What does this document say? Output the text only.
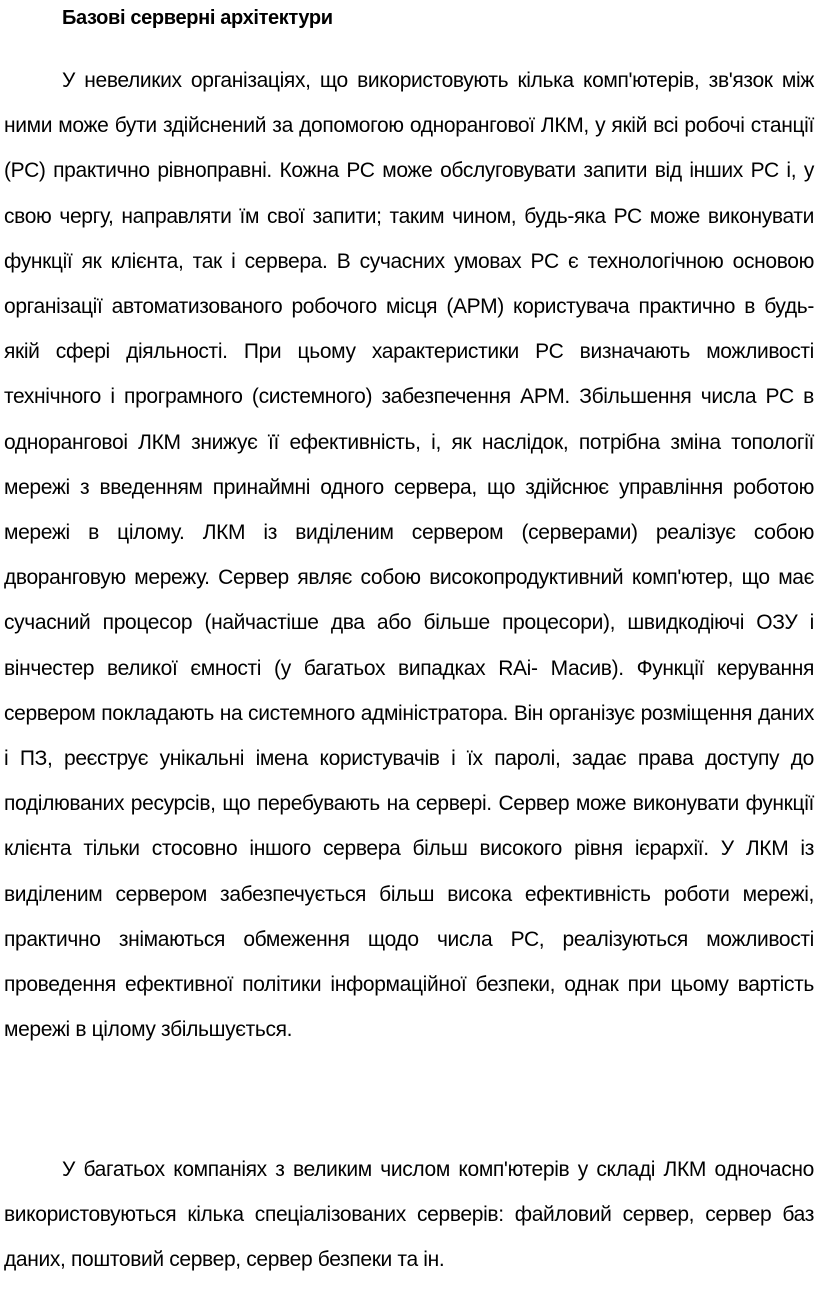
Базові серверні архітектури

У невеликих організаціях, що використовують кілька комп'ютерів, зв'язок між ними може бути здійснений за допомогою однорангової ЛКМ, у якій всі робочі станції (РС) практично рівноправні. Кожна РС може обслуговувати запити від інших РС і, у свою чергу, направляти їм свої запити; таким чином, будь-яка РС може виконувати функції як клієнта, так і сервера. В сучасних умовах РС є технологічною основою організації автоматизованого робочого місця (АРМ) користувача практично в будь-якій сфері діяльності. При цьому характеристики РС визначають можливості технічного і програмного (системного) забезпечення АРМ. Збільшення числа РС в одноранговоі ЛКМ знижує її ефективність, і, як наслідок, потрібна зміна топології мережі з введенням принаймні одного сервера, що здійснює управління роботою мережі в цілому. ЛКМ із виділеним сервером (серверами) реалізує собою дворанговую мережу. Сервер являє собою високопродуктивний комп'ютер, що має сучасний процесор (найчастіше два або більше процесори), швидкодіючі ОЗУ і вінчестер великої ємності (у багатьох випадках RAi- Масив). Функції керування сервером покладають на системного адміністратора. Він організує розміщення даних і ПЗ, реєструє унікальні імена користувачів і їх паролі, задає права доступу до поділюваних ресурсів, що перебувають на сервері. Сервер може виконувати функції клієнта тільки стосовно іншого сервера більш високого рівня ієрархії. У ЛКМ із виділеним сервером забезпечується більш висока ефективність роботи мережі, практично знімаються обмеження щодо числа РС, реалізуються можливості проведення ефективної політики інформаційної безпеки, однак при цьому вартість мережі в цілому збільшується.

У багатьох компаніях з великим числом комп'ютерів у складі ЛКМ одночасно використовуються кілька спеціалізованих серверів: файловий сервер, сервер баз даних, поштовий сервер, сервер безпеки та ін.
